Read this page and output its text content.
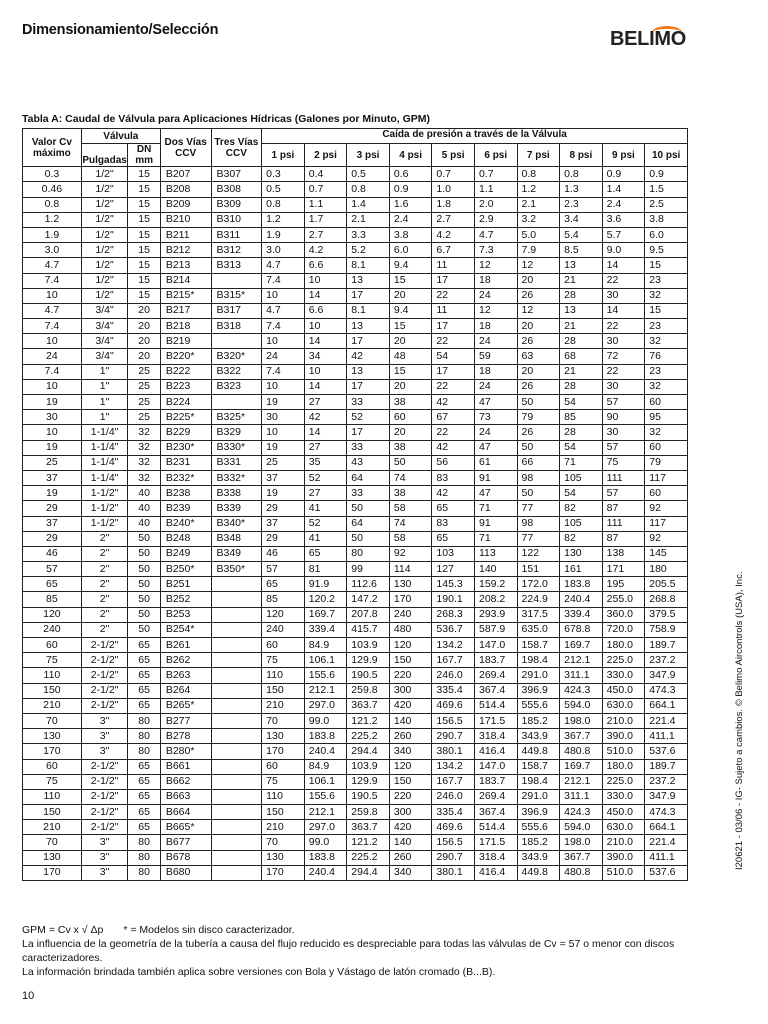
Dimensionamiento/Selección	BELIMO
Tabla A: Caudal de Válvula para Aplicaciones Hídricas (Galones por Minuto, GPM)
Valor Cv máximo	Válvula		Dos Vías CCV	Tres Vías CCV	Caída de presión a través de la Válvula									
	Pulgadas	DN mm												
					1 psi	2 psi	3 psi	4 psi	5 psi	6 psi	7 psi	8 psi	9 psi	10 psi
0.3	1/2"	15	B207	B307	0.3	0.4	0.5	0.6	0.7	0.7	0.8	0.8	0.9	0.9
0.46	1/2"	15	B208	B308	0.5	0.7	0.8	0.9	1.0	1.1	1.2	1.3	1.4	1.5
0.8	1/2"	15	B209	B309	0.8	1.1	1.4	1.6	1.8	2.0	2.1	2.3	2.4	2.5
1.2	1/2"	15	B210	B310	1.2	1.7	2.1	2.4	2.7	2.9	3.2	3.4	3.6	3.8
1.9	1/2"	15	B211	B311	1.9	2.7	3.3	3.8	4.2	4.7	5.0	5.4	5.7	6.0
3.0	1/2"	15	B212	B312	3.0	4.2	5.2	6.0	6.7	7.3	7.9	8.5	9.0	9.5
4.7	1/2"	15	B213	B313	4.7	6.6	8.1	9.4	11	12	12	13	14	15
7.4	1/2"	15	B214		7.4	10	13	15	17	18	20	21	22	23
10	1/2"	15	B215*	B315*	10	14	17	20	22	24	26	28	30	32
4.7	3/4"	20	B217	B317	4.7	6.6	8.1	9.4	11	12	12	13	14	15
7.4	3/4"	20	B218	B318	7.4	10	13	15	17	18	20	21	22	23
10	3/4"	20	B219		10	14	17	20	22	24	26	28	30	32
24	3/4"	20	B220*	B320*	24	34	42	48	54	59	63	68	72	76
7.4	1"	25	B222	B322	7.4	10	13	15	17	18	20	21	22	23
10	1"	25	B223	B323	10	14	17	20	22	24	26	28	30	32
19	1"	25	B224		19	27	33	38	42	47	50	54	57	60
30	1"	25	B225*	B325*	30	42	52	60	67	73	79	85	90	95
10	1-1/4"	32	B229	B329	10	14	17	20	22	24	26	28	30	32
19	1-1/4"	32	B230*	B330*	19	27	33	38	42	47	50	54	57	60
25	1-1/4"	32	B231	B331	25	35	43	50	56	61	66	71	75	79
37	1-1/4"	32	B232*	B332*	37	52	64	74	83	91	98	105	111	117
19	1-1/2"	40	B238	B338	19	27	33	38	42	47	50	54	57	60
29	1-1/2"	40	B239	B339	29	41	50	58	65	71	77	82	87	92
37	1-1/2"	40	B240*	B340*	37	52	64	74	83	91	98	105	111	117
29	2"	50	B248	B348	29	41	50	58	65	71	77	82	87	92
46	2"	50	B249	B349	46	65	80	92	103	113	122	130	138	145
57	2"	50	B250*	B350*	57	81	99	114	127	140	151	161	171	180
65	2"	50	B251		65	91.9	112.6	130	145.3	159.2	172.0	183.8	195	205.5
85	2"	50	B252		85	120.2	147.2	170	190.1	208.2	224.9	240.4	255.0	268.8
120	2"	50	B253		120	169.7	207.8	240	268.3	293.9	317.5	339.4	360.0	379.5
240	2"	50	B254*		240	339.4	415.7	480	536.7	587.9	635.0	678.8	720.0	758.9
60	2-1/2"	65	B261		60	84.9	103.9	120	134.2	147.0	158.7	169.7	180.0	189.7
75	2-1/2"	65	B262		75	106.1	129.9	150	167.7	183.7	198.4	212.1	225.0	237.2
110	2-1/2"	65	B263		110	155.6	190.5	220	246.0	269.4	291.0	311.1	330.0	347.9
150	2-1/2"	65	B264		150	212.1	259.8	300	335.4	367.4	396.9	424.3	450.0	474.3
210	2-1/2"	65	B265*		210	297.0	363.7	420	469.6	514.4	555.6	594.0	630.0	664.1
70	3"	80	B277		70	99.0	121.2	140	156.5	171.5	185.2	198.0	210.0	221.4
130	3"	80	B278		130	183.8	225.2	260	290.7	318.4	343.9	367.7	390.0	411.1
170	3"	80	B280*		170	240.4	294.4	340	380.1	416.4	449.8	480.8	510.0	537.6
60	2-1/2"	65	B661		60	84.9	103.9	120	134.2	147.0	158.7	169.7	180.0	189.7
75	2-1/2"	65	B662		75	106.1	129.9	150	167.7	183.7	198.4	212.1	225.0	237.2
110	2-1/2"	65	B663		110	155.6	190.5	220	246.0	269.4	291.0	311.1	330.0	347.9
150	2-1/2"	65	B664		150	212.1	259.8	300	335.4	367.4	396.9	424.3	450.0	474.3
210	2-1/2"	65	B665*		210	297.0	363.7	420	469.6	514.4	555.6	594.0	630.0	664.1
70	3"	80	B677		70	99.0	121.2	140	156.5	171.5	185.2	198.0	210.0	221.4
130	3"	80	B678		130	183.8	225.2	260	290.7	318.4	343.9	367.7	390.0	411.1
170	3"	80	B680		170	240.4	294.4	340	380.1	416.4	449.8	480.8	510.0	537.6
GPM = Cv x √ Δp * = Modelos sin disco caracterizador.
La influencia de la geometría de la tubería a causa del flujo reducido es despreciable para todas las válvulas de Cv = 57 o menor con discos caracterizadores.
La información brindada también aplica sobre versiones con Bola y Vástago de latón cromado (B...B).
10
I20621 - 03/06 - IG- Sujeto a cambios. © Belimo Aircontrols (USA), Inc.
